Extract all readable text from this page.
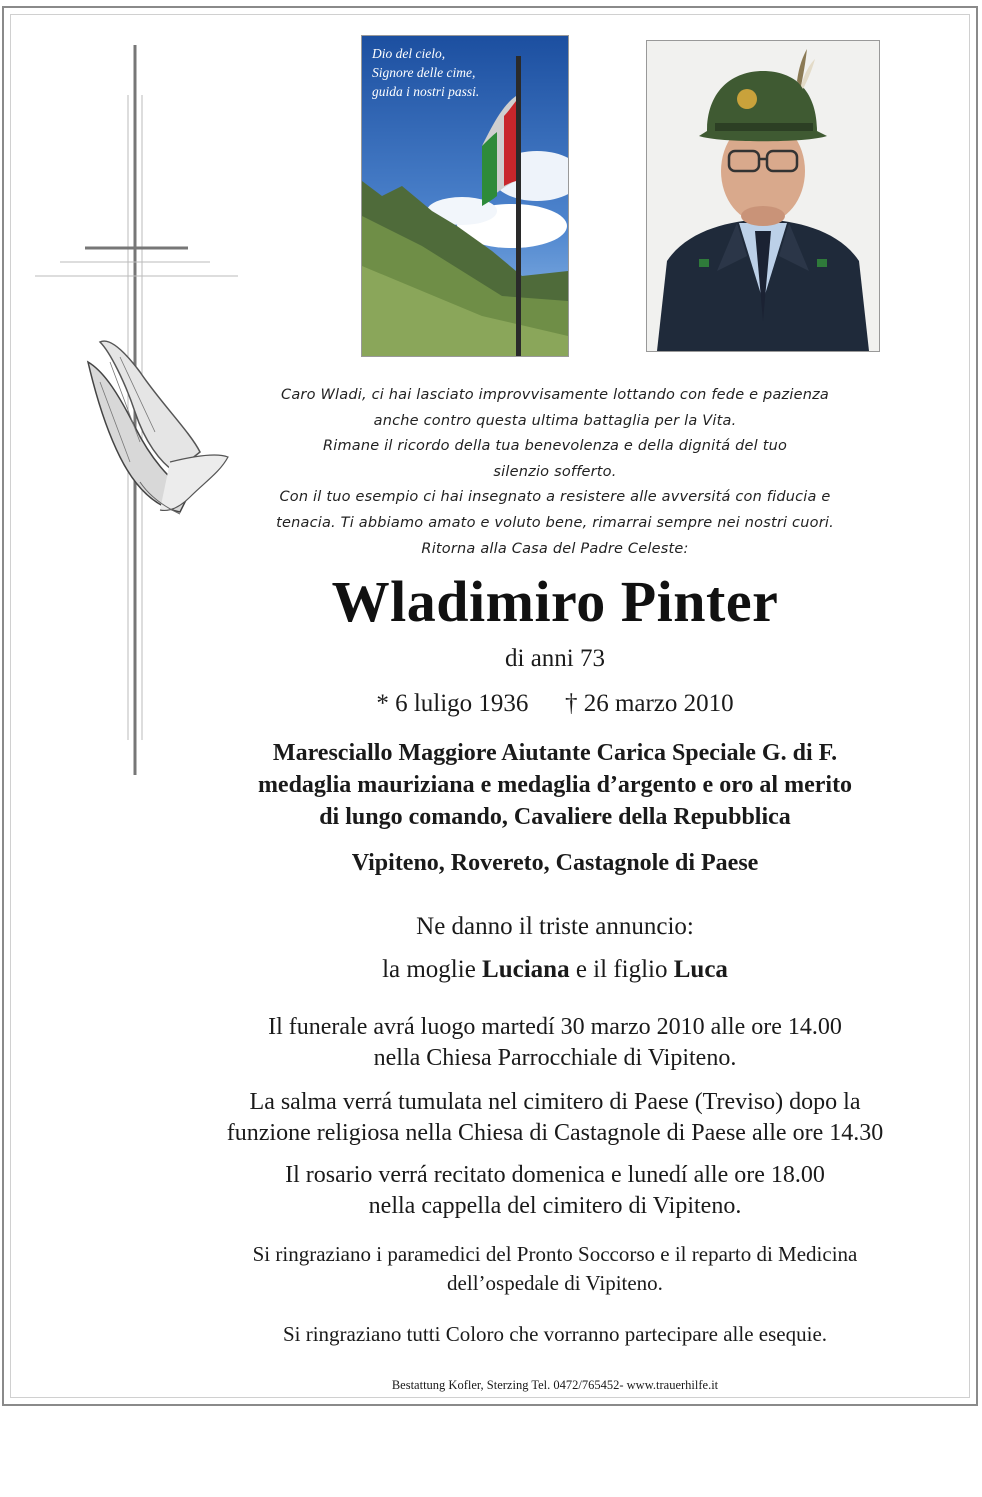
Dio del cielo,
Signore delle cime,
guida i nostri passi.
Caro Wladi, ci hai lasciato improvvisamente lottando con fede e pazienza
anche contro questa ultima battaglia per la Vita.
Rimane il ricordo della tua benevolenza e della dignitá del tuo
silenzio sofferto.
Con il tuo esempio ci hai insegnato a resistere alle avversitá con fiducia e
tenacia. Ti abbiamo amato e voluto bene, rimarrai sempre nei nostri cuori.
Ritorna alla Casa del Padre Celeste:
Wladimiro Pinter
di anni 73
* 6 luligo 1936 † 26 marzo 2010
Maresciallo Maggiore Aiutante Carica Speciale G. di F.
medaglia mauriziana e medaglia d’argento e oro al merito
di lungo comando, Cavaliere della Repubblica
Vipiteno, Rovereto, Castagnole di Paese
Ne danno il triste annuncio:
la moglie Luciana e il figlio Luca
Il funerale avrá luogo martedí 30 marzo 2010 alle ore 14.00
nella Chiesa Parrocchiale di Vipiteno.
La salma verrá tumulata nel cimitero di Paese (Treviso) dopo la
funzione religiosa nella Chiesa di Castagnole di Paese alle ore 14.30
Il rosario verrá recitato domenica e lunedí alle ore 18.00
nella cappella del cimitero di Vipiteno.
Si ringraziano i paramedici del Pronto Soccorso e il reparto di Medicina
dell’ospedale di Vipiteno.
Si ringraziano tutti Coloro che vorranno partecipare alle esequie.
Bestattung Kofler, Sterzing Tel. 0472/765452- www.trauerhilfe.it
